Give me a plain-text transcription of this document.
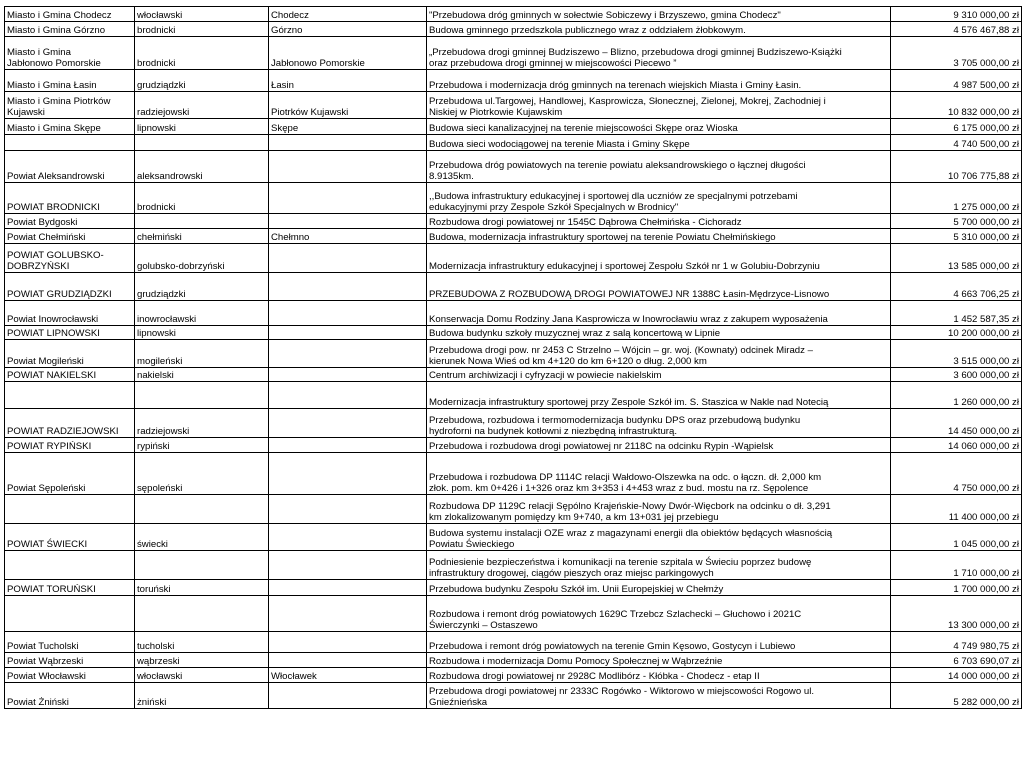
Miasto i Gmina Chodecz	włocławski	Chodecz	"Przebudowa dróg gminnych w sołectwie Sobiczewy i Brzyszewo, gmina Chodecz"	9 310 000,00 zł
Miasto i Gmina Górzno	brodnicki	Górzno	Budowa gminnego przedszkola publicznego wraz z oddziałem żłobkowym.	4 576 467,88 zł
Miasto i Gmina
Jabłonowo Pomorskie	brodnicki	Jabłonowo Pomorskie	„Przebudowa drogi gminnej Budziszewo – Blizno, przebudowa drogi gminnej Budziszewo-Książki
oraz przebudowa drogi gminnej w miejscowości Piecewo ”	3 705 000,00 zł
Miasto i Gmina Łasin	grudziądzki	Łasin	Przebudowa i modernizacja dróg gminnych na terenach wiejskich Miasta i Gminy Łasin.	4 987 500,00 zł
Miasto i Gmina Piotrków
Kujawski	radziejowski	Piotrków Kujawski	Przebudowa ul.Targowej, Handlowej, Kasprowicza, Słonecznej, Zielonej, Mokrej, Zachodniej i
Niskiej w Piotrkowie Kujawskim	10 832 000,00 zł
Miasto i Gmina Skępe	lipnowski	Skępe	Budowa sieci kanalizacyjnej na terenie miejscowości Skępe oraz Wioska	6 175 000,00 zł
			Budowa sieci wodociągowej na terenie Miasta i Gminy Skępe	4 740 500,00 zł
Powiat Aleksandrowski	aleksandrowski		Przebudowa dróg powiatowych na terenie powiatu aleksandrowskiego o łącznej długości
8.9135km.	10 706 775,88 zł
POWIAT BRODNICKI	brodnicki		,,Budowa infrastruktury edukacyjnej i sportowej dla uczniów ze specjalnymi potrzebami
edukacyjnymi przy Zespole Szkół Specjalnych w Brodnicy"	1 275 000,00 zł
Powiat Bydgoski			Rozbudowa drogi powiatowej nr 1545C Dąbrowa Chełmińska - Cichoradz	5 700 000,00 zł
Powiat Chełmiński	chełmiński	Chełmno	Budowa, modernizacja infrastruktury sportowej na terenie Powiatu Chełmińskiego	5 310 000,00 zł
POWIAT GOLUBSKO-
DOBRZYŃSKI	golubsko-dobrzyński		Modernizacja infrastruktury edukacyjnej i sportowej Zespołu Szkół nr 1 w Golubiu-Dobrzyniu	13 585 000,00 zł
POWIAT GRUDZIĄDZKI	grudziądzki		PRZEBUDOWA Z ROZBUDOWĄ DROGI POWIATOWEJ NR 1388C Łasin-Mędrzyce-Lisnowo	4 663 706,25 zł
Powiat Inowrocławski	inowrocławski		Konserwacja Domu Rodziny Jana Kasprowicza w Inowrocławiu wraz z zakupem wyposażenia	1 452 587,35 zł
POWIAT LIPNOWSKI	lipnowski		Budowa budynku szkoły muzycznej wraz z salą koncertową w Lipnie	10 200 000,00 zł
Powiat Mogileński	mogileński		Przebudowa drogi pow. nr 2453 C Strzelno – Wójcin – gr. woj. (Kownaty) odcinek Miradz –
kierunek Nowa Wieś od km 4+120 do km 6+120 o dług. 2,000 km	3 515 000,00 zł
POWIAT NAKIELSKI	nakielski		Centrum archiwizacji i cyfryzacji w powiecie nakielskim	3 600 000,00 zł
			Modernizacja infrastruktury sportowej przy Zespole Szkół im. S. Staszica w Nakle nad Notecią	1 260 000,00 zł
POWIAT RADZIEJOWSKI	radziejowski		Przebudowa, rozbudowa i termomodernizacja budynku DPS oraz przebudową budynku
hydroforni na budynek kotłowni z niezbędną infrastrukturą.	14 450 000,00 zł
POWIAT RYPIŃSKI	rypiński		Przebudowa i rozbudowa drogi powiatowej nr 2118C na odcinku Rypin -Wąpielsk	14 060 000,00 zł
Powiat Sępoleński	sępoleński		Przebudowa i rozbudowa DP 1114C relacji Wałdowo-Olszewka na odc. o łączn. dł. 2,000 km
złok. pom. km 0+426 i 1+326 oraz km 3+353 i 4+453 wraz z bud. mostu na rz. Sępolence	4 750 000,00 zł
			Rozbudowa DP 1129C relacji Sępólno Krajeńskie-Nowy Dwór-Więcbork na odcinku o dł. 3,291
km zlokalizowanym pomiędzy km 9+740, a km 13+031 jej przebiegu	11 400 000,00 zł
POWIAT ŚWIECKI	świecki		Budowa systemu instalacji OZE wraz z magazynami energii dla obiektów będących własnością
Powiatu Świeckiego	1 045 000,00 zł
			Podniesienie bezpieczeństwa i komunikacji na terenie szpitala w Świeciu poprzez budowę
infrastruktury drogowej, ciągów pieszych oraz miejsc parkingowych	1 710 000,00 zł
POWIAT TORUŃSKI	toruński		Przebudowa budynku Zespołu Szkół im. Unii Europejskiej w Chełmży	1 700 000,00 zł
			Rozbudowa i remont dróg powiatowych 1629C Trzebcz Szlachecki – Głuchowo i 2021C
Świerczynki – Ostaszewo	13 300 000,00 zł
Powiat Tucholski	tucholski		Przebudowa i remont dróg powiatowych na terenie Gmin Kęsowo, Gostycyn i Lubiewo	4 749 980,75 zł
Powiat Wąbrzeski	wąbrzeski		Rozbudowa i modernizacja Domu Pomocy Społecznej w Wąbrzeźnie	6 703 690,07 zł
Powiat Włocławski	włocławski	Włocławek	Rozbudowa drogi powiatowej nr 2928C Modlibórz - Kłóbka - Chodecz - etap II	14 000 000,00 zł
Powiat Żniński	żniński		Przebudowa drogi powiatowej nr 2333C Rogówko - Wiktorowo w miejscowości Rogowo ul.
Gnieźnieńska	5 282 000,00 zł
